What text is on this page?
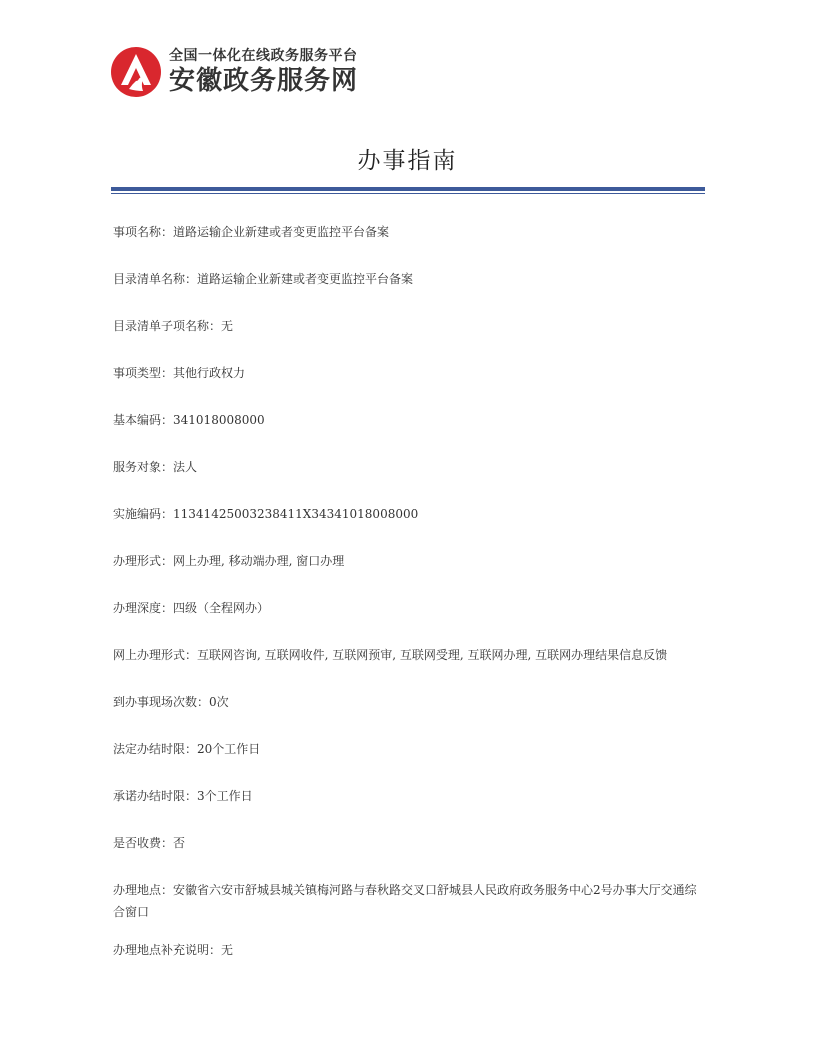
全国一体化在线政务服务平台
安徽政务服务网
办事指南
事项名称：道路运输企业新建或者变更监控平台备案
目录清单名称：道路运输企业新建或者变更监控平台备案
目录清单子项名称：无
事项类型：其他行政权力
基本编码：341018008000
服务对象：法人
实施编码：11341425003238411X34341018008000
办理形式：网上办理, 移动端办理, 窗口办理
办理深度：四级（全程网办）
网上办理形式：互联网咨询, 互联网收件, 互联网预审, 互联网受理, 互联网办理, 互联网办理结果信息反馈
到办事现场次数：0次
法定办结时限：20个工作日
承诺办结时限：3个工作日
是否收费：否
办理地点：安徽省六安市舒城县城关镇梅河路与春秋路交叉口舒城县人民政府政务服务中心2号办事大厅交通综合窗口
办理地点补充说明：无
